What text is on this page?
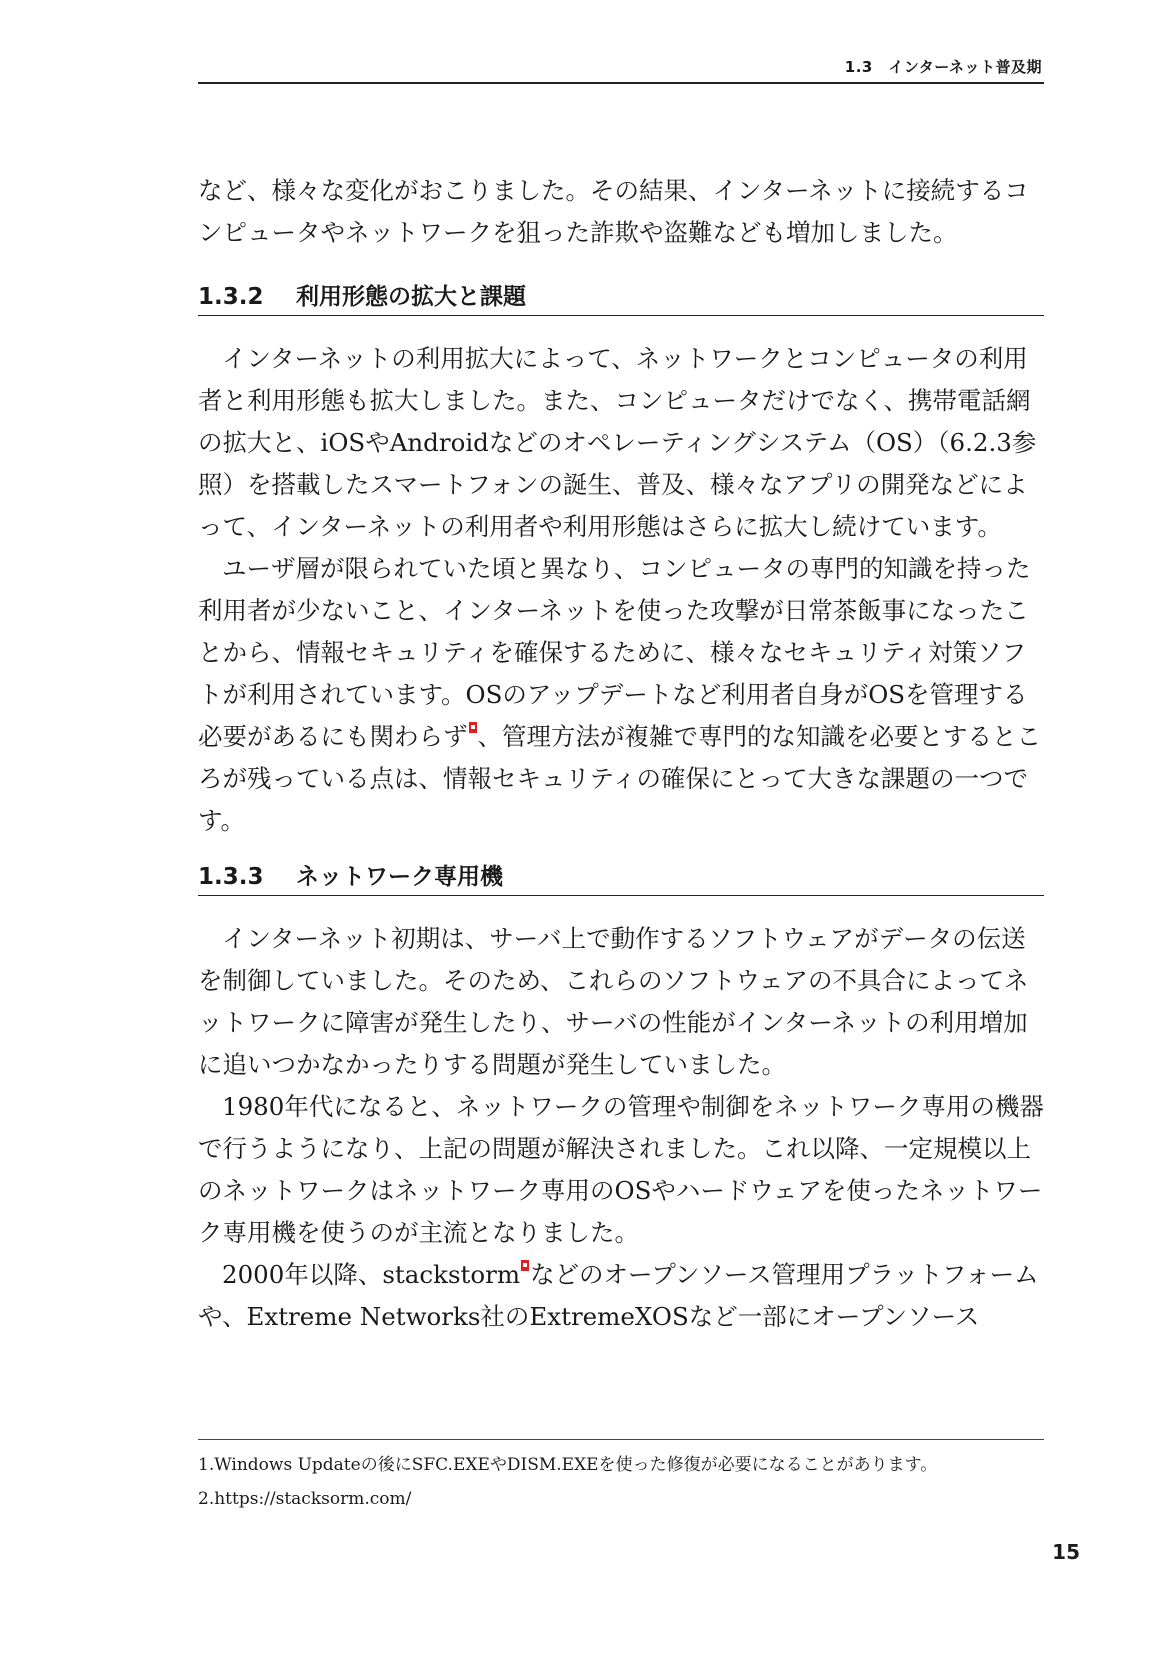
1.3　インターネット普及期

など、様々な変化がおこりました。その結果、インターネットに接続するコンピュータやネットワークを狙った詐欺や盗難なども増加しました。

1.3.2 利用形態の拡大と課題

インターネットの利用拡大によって、ネットワークとコンピュータの利用者と利用形態も拡大しました。また、コンピュータだけでなく、携帯電話網の拡大と、iOSやAndroidなどのオペレーティングシステム（OS）（6.2.3参照）を搭載したスマートフォンの誕生、普及、様々なアプリの開発などによって、インターネットの利用者や利用形態はさらに拡大し続けています。

ユーザ層が限られていた頃と異なり、コンピュータの専門的知識を持った利用者が少ないこと、インターネットを使った攻撃が日常茶飯事になったことから、情報セキュリティを確保するために、様々なセキュリティ対策ソフトが利用されています。OSのアップデートなど利用者自身がOSを管理する必要があるにも関わらず 、管理方法が複雑で専門的な知識を必要とするところが残っている点は、情報セキュリティの確保にとって大きな課題の一つです。

1.3.3 ネットワーク専用機

インターネット初期は、サーバ上で動作するソフトウェアがデータの伝送を制御していました。そのため、これらのソフトウェアの不具合によってネットワークに障害が発生したり、サーバの性能がインターネットの利用増加に追いつかなかったりする問題が発生していました。

1980年代になると、ネットワークの管理や制御をネットワーク専用の機器で行うようになり、上記の問題が解決されました。これ以降、一定規模以上のネットワークはネットワーク専用のOSやハードウェアを使ったネットワーク専用機を使うのが主流となりました。

2000年以降、stackstorm などのオープンソース管理用プラットフォームや、Extreme Networks社のExtremeXOSなど一部にオープンソース

1.Windows Updateの後にSFC.EXEやDISM.EXEを使った修復が必要になることがあります。
2.https://stacksorm.com/
15
